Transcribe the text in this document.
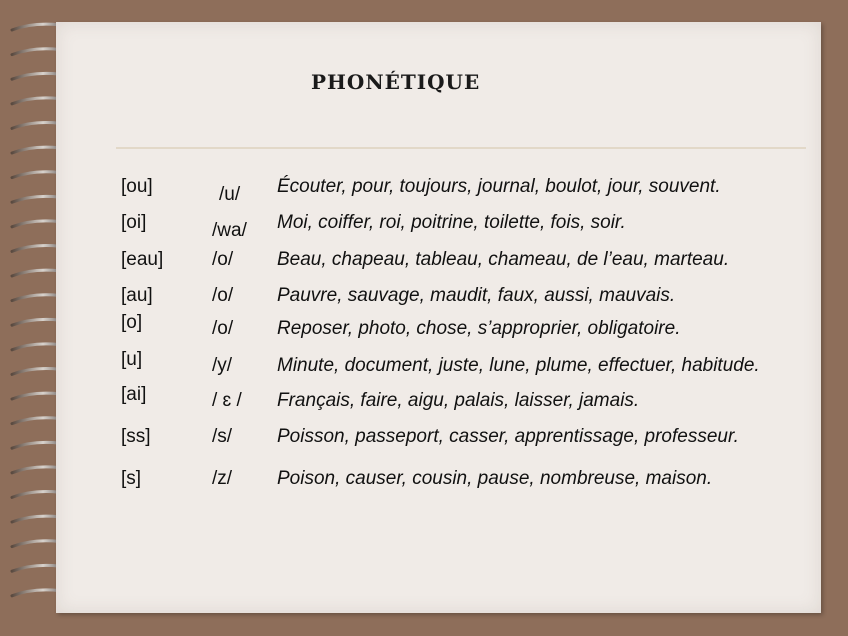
PHONÉTIQUE
[ou]	/u/ Écouter, pour, toujours, journal, boulot, jour, souvent.
[oi]	/wa/ Moi, coiffer, roi, poitrine, toilette, fois, soir.
[eau]	/o/ Beau, chapeau, tableau, chameau, de l’eau, marteau.
[au]	/o/ Pauvre, sauvage, maudit, faux, aussi, mauvais.
[o]	/o/ Reposer, photo, chose, s’approprier, obligatoire.
[u]	/y/ Minute, document, juste, lune, plume, effectuer, habitude.
[ai]	/ ɛ / Français, faire, aigu, palais, laisser, jamais.
[ss]	/s/ Poisson, passeport, casser, apprentissage, professeur.
[s]	/z/ Poison, causer, cousin, pause, nombreuse, maison.
